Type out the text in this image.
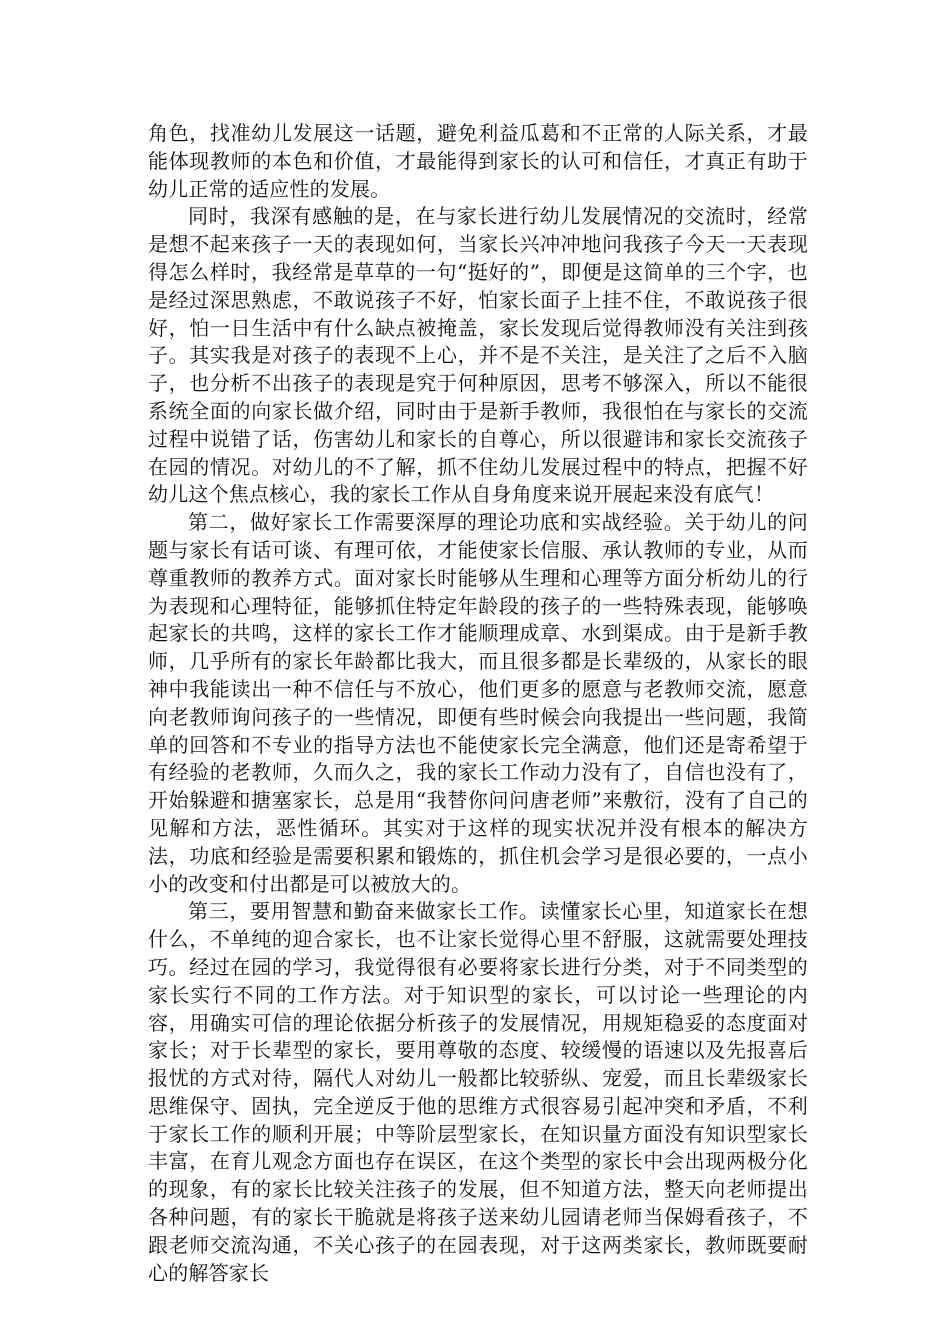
角色，找准幼儿发展这一话题，避免利益瓜葛和不正常的人际关系，才最能体现教师的本色和价值，才最能得到家长的认可和信任，才真正有助于幼儿正常的适应性的发展。

同时，我深有感触的是，在与家长进行幼儿发展情况的交流时，经常是想不起来孩子一天的表现如何，当家长兴冲冲地问我孩子今天一天表现得怎么样时，我经常是草草的一句“挺好的”，即便是这简单的三个字，也是经过深思熟虑，不敢说孩子不好，怕家长面子上挂不住，不敢说孩子很好，怕一日生活中有什么缺点被掩盖，家长发现后觉得教师没有关注到孩子。其实我是对孩子的表现不上心，并不是不关注，是关注了之后不入脑子，也分析不出孩子的表现是究于何种原因，思考不够深入，所以不能很系统全面的向家长做介绍，同时由于是新手教师，我很怕在与家长的交流过程中说错了话，伤害幼儿和家长的自尊心，所以很避讳和家长交流孩子在园的情况。对幼儿的不了解，抓不住幼儿发展过程中的特点，把握不好幼儿这个焦点核心，我的家长工作从自身角度来说开展起来没有底气！

第二，做好家长工作需要深厚的理论功底和实战经验。关于幼儿的问题与家长有话可谈、有理可依，才能使家长信服、承认教师的专业，从而尊重教师的教养方式。面对家长时能够从生理和心理等方面分析幼儿的行为表现和心理特征，能够抓住特定年龄段的孩子的一些特殊表现，能够唤起家长的共鸣，这样的家长工作才能顺理成章、水到渠成。由于是新手教师，几乎所有的家长年龄都比我大，而且很多都是长辈级的，从家长的眼神中我能读出一种不信任与不放心，他们更多的愿意与老教师交流，愿意向老教师询问孩子的一些情况，即便有些时候会向我提出一些问题，我简单的回答和不专业的指导方法也不能使家长完全满意，他们还是寄希望于有经验的老教师，久而久之，我的家长工作动力没有了，自信也没有了，开始躲避和搪塞家长，总是用“我替你问问唐老师”来敷衍，没有了自己的见解和方法，恶性循环。其实对于这样的现实状况并没有根本的解决方法，功底和经验是需要积累和锻炼的，抓住机会学习是很必要的，一点小小的改变和付出都是可以被放大的。

第三，要用智慧和勤奋来做家长工作。读懂家长心里，知道家长在想什么，不单纯的迎合家长，也不让家长觉得心里不舒服，这就需要处理技巧。经过在园的学习，我觉得很有必要将家长进行分类，对于不同类型的家长实行不同的工作方法。对于知识型的家长，可以讨论一些理论的内容，用确实可信的理论依据分析孩子的发展情况，用规矩稳妥的态度面对家长；对于长辈型的家长，要用尊敬的态度、较缓慢的语速以及先报喜后报忧的方式对待，隔代人对幼儿一般都比较骄纵、宠爱，而且长辈级家长思维保守、固执，完全逆反于他的思维方式很容易引起冲突和矛盾，不利于家长工作的顺利开展；中等阶层型家长，在知识量方面没有知识型家长丰富，在育儿观念方面也存在误区，在这个类型的家长中会出现两极分化的现象，有的家长比较关注孩子的发展，但不知道方法，整天向老师提出各种问题，有的家长干脆就是将孩子送来幼儿园请老师当保姆看孩子，不跟老师交流沟通，不关心孩子的在园表现，对于这两类家长，教师既要耐心的解答家长
